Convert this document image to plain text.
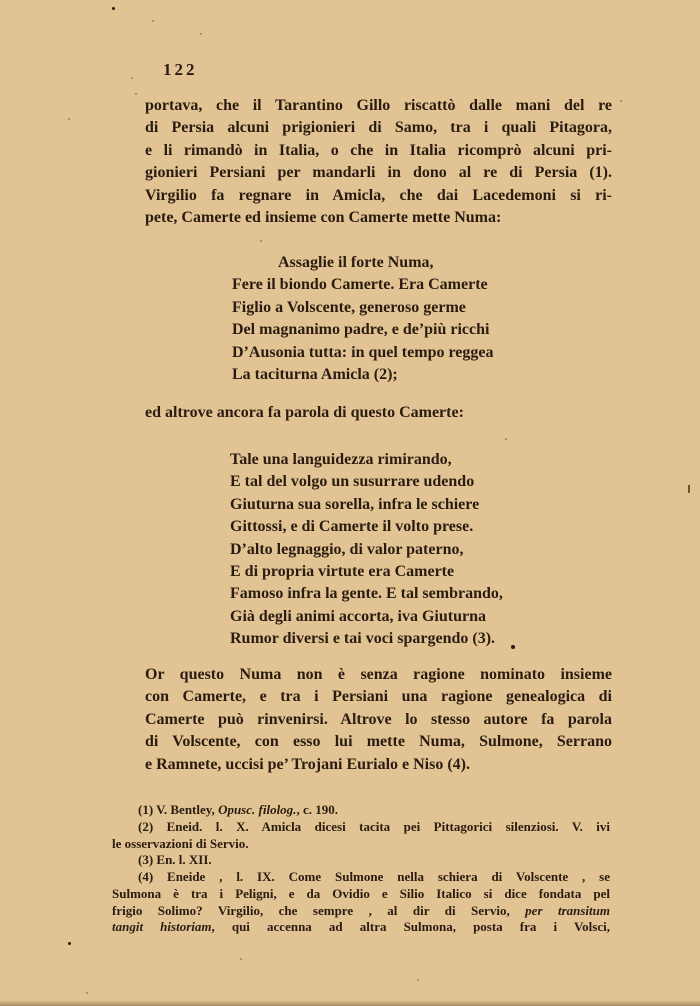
122
portava, che il Tarantino Gillo riscattò dalle mani del re
di Persia alcuni prigionieri di Samo, tra i quali Pitagora,
e li rimandò in Italia, o che in Italia ricomprò alcuni pri-
gionieri Persiani per mandarli in dono al re di Persia (1).
Virgilio fa regnare in Amicla, che dai Lacedemoni si ri-
pete, Camerte ed insieme con Camerte mette Numa:
Assaglie il forte Numa,
Fere il biondo Camerte. Era Camerte
Figlio a Volscente, generoso germe
Del magnanimo padre, e de’più ricchi
D’Ausonia tutta: in quel tempo reggea
La taciturna Amicla (2);
ed altrove ancora fa parola di questo Camerte:
Tale una languidezza rimirando,
E tal del volgo un susurrare udendo
Giuturna sua sorella, infra le schiere
Gittossi, e di Camerte il volto prese.
D’alto legnaggio, di valor paterno,
E di propria virtute era Camerte
Famoso infra la gente. E tal sembrando,
Già degli animi accorta, iva Giuturna
Rumor diversi e tai voci spargendo (3).
Or questo Numa non è senza ragione nominato insieme
con Camerte, e tra i Persiani una ragione genealogica di
Camerte può rinvenirsi. Altrove lo stesso autore fa parola
di Volscente, con esso lui mette Numa, Sulmone, Serrano
e Ramnete, uccisi pe’ Trojani Eurialo e Niso (4).
(1) V. Bentley, Opusc. filolog., c. 190.
(2) Eneid. l. X. Amicla dicesi tacita pei Pittagorici silenziosi. V. ivi
le osservazioni di Servio.
(3) En. l. XII.
(4) Eneide , l. IX. Come Sulmone nella schiera di Volscente , se
Sulmona è tra i Peligni, e da Ovidio e Silio Italico si dice fondata pel
frigio Solimo? Virgilio, che sempre , al dir di Servio, per transitum
tangit historiam, qui accenna ad altra Sulmona, posta fra i Volsci,
